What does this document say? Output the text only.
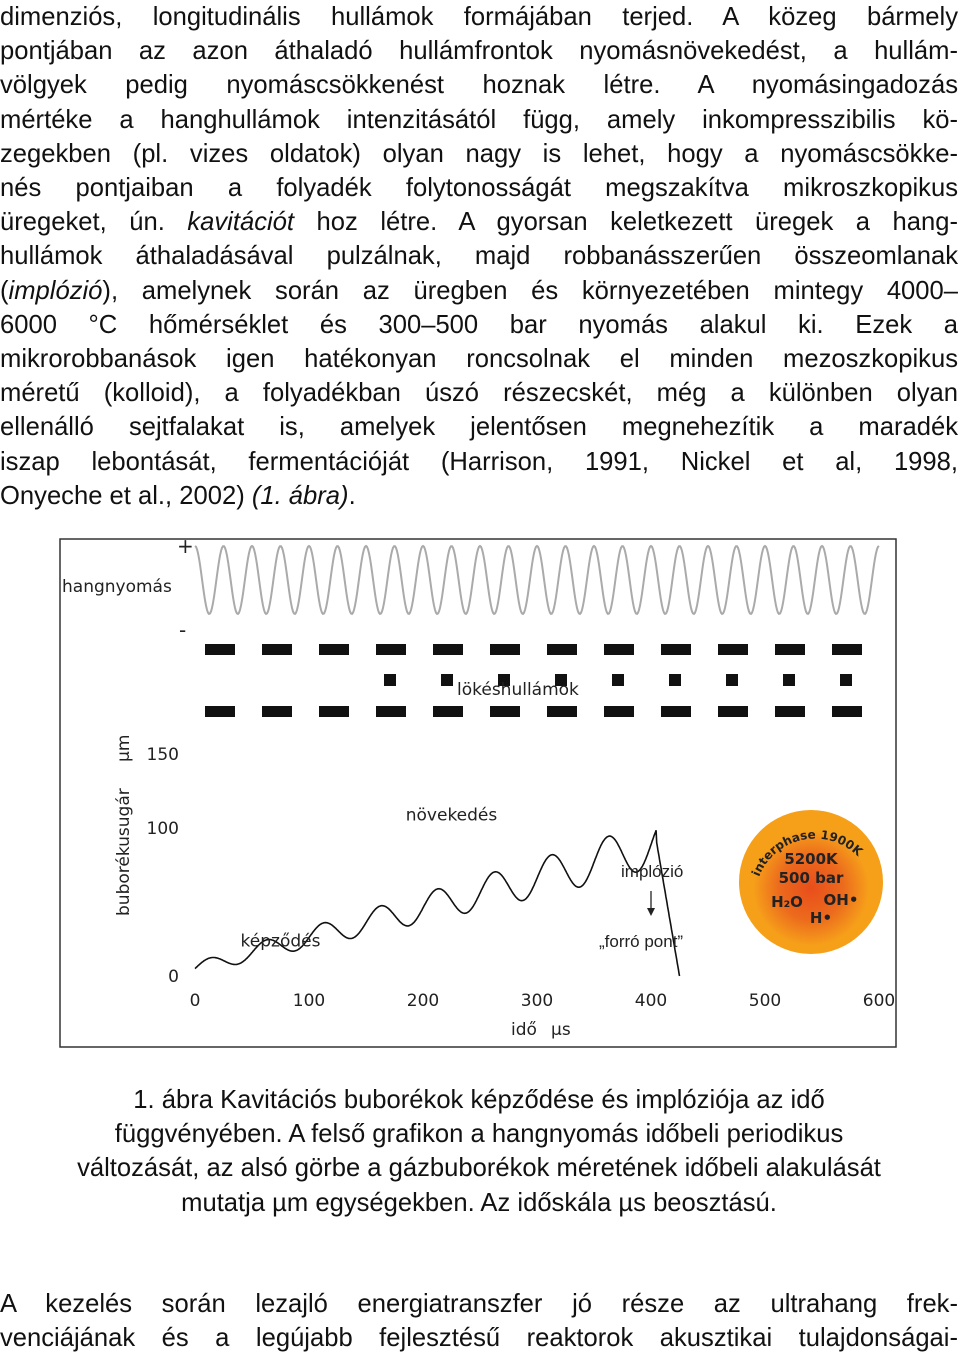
dimenziós, longitudinális hullámok formájában terjed. A közeg bármely
pontjában az azon áthaladó hullámfrontok nyomásnövekedést, a hullám-
völgyek pedig nyomáscsökkenést hoznak létre. A nyomásingadozás
mértéke a hanghullámok intenzitásától függ, amely inkompresszibilis kö-
zegekben (pl. vizes oldatok) olyan nagy is lehet, hogy a nyomáscsökke-
nés pontjaiban a folyadék folytonosságát megszakítva mikroszkopikus
üregeket, ún. kavitációt hoz létre. A gyorsan keletkezett üregek a hang-
hullámok áthaladásával pulzálnak, majd robbanásszerűen összeomlanak
(implózió), amelynek során az üregben és környezetében mintegy 4000–
6000 °C hőmérséklet és 300–500 bar nyomás alakul ki. Ezek a
mikrorobbanások igen hatékonyan roncsolnak el minden mezoszkopikus
méretű (kolloid), a folyadékban úszó részecskét, még a különben olyan
ellenálló sejtfalakat is, amelyek jelentősen megnehezítik a maradék
iszap lebontását, fermentációját (Harrison, 1991, Nickel et al, 1998,
Onyeche et al., 2002) (1. ábra).
+
hangnyomás
-
lökéshullámok
buborékusugár
µm
0
100
150
0	100	200	300	400	500	600
idő µs
képződés
növekedés
implózió
„forró pont”
interphase 1900K
5200K
500 bar
H₂O OH•
H•
1. ábra Kavitációs buborékok képződése és implóziója az idő
függvényében. A felső grafikon a hangnyomás időbeli periodikus
változását, az alsó görbe a gázbuborékok méretének időbeli alakulását
mutatja µm egységekben. Az időskála µs beosztású.
A kezelés során lezajló energiatranszfer jó része az ultrahang frek-
venciájának és a legújabb fejlesztésű reaktorok akusztikai tulajdonságai-
